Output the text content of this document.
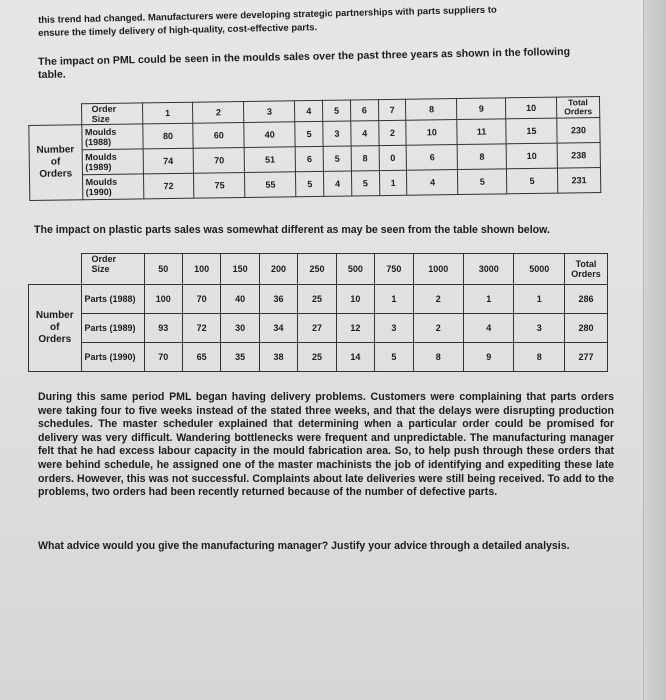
this trend had changed. Manufacturers were developing strategic partnerships with parts suppliers to
ensure the timely delivery of high-quality, cost-effective parts.
The impact on PML could be seen in the moulds sales over the past three years as shown in the following
table.
	Order
Size	1	2	3	4	5	6	7	8	9	10	Total Orders
Number
of
Orders	Moulds (1988)	80	60	40	5	3	4	2	10	11	15	230
	Moulds (1989)	74	70	51	6	5	8	0	6	8	10	238
	Moulds (1990)	72	75	55	5	4	5	1	4	5	5	231
The impact on plastic parts sales was somewhat different as may be seen from the table shown below.
	Order
Size	50	100	150	200	250	500	750	1000	3000	5000	Total Orders
Number
of
Orders	Parts (1988)	100	70	40	36	25	10	1	2	1	1	286
	Parts (1989)	93	72	30	34	27	12	3	2	4	3	280
	Parts (1990)	70	65	35	38	25	14	5	8	9	8	277
During this same period PML began having delivery problems. Customers were complaining that parts orders were taking four to five weeks instead of the stated three weeks, and that the delays were disrupting production schedules. The master scheduler explained that determining when a particular order could be promised for delivery was very difficult. Wandering bottlenecks were frequent and unpredictable. The manufacturing manager felt that he had excess labour capacity in the mould fabrication area. So, to help push through these orders that were behind schedule, he assigned one of the master machinists the job of identifying and expediting these late orders. However, this was not successful. Complaints about late deliveries were still being received. To add to the problems, two orders had been recently returned because of the number of defective parts.
What advice would you give the manufacturing manager? Justify your advice through a detailed analysis.
